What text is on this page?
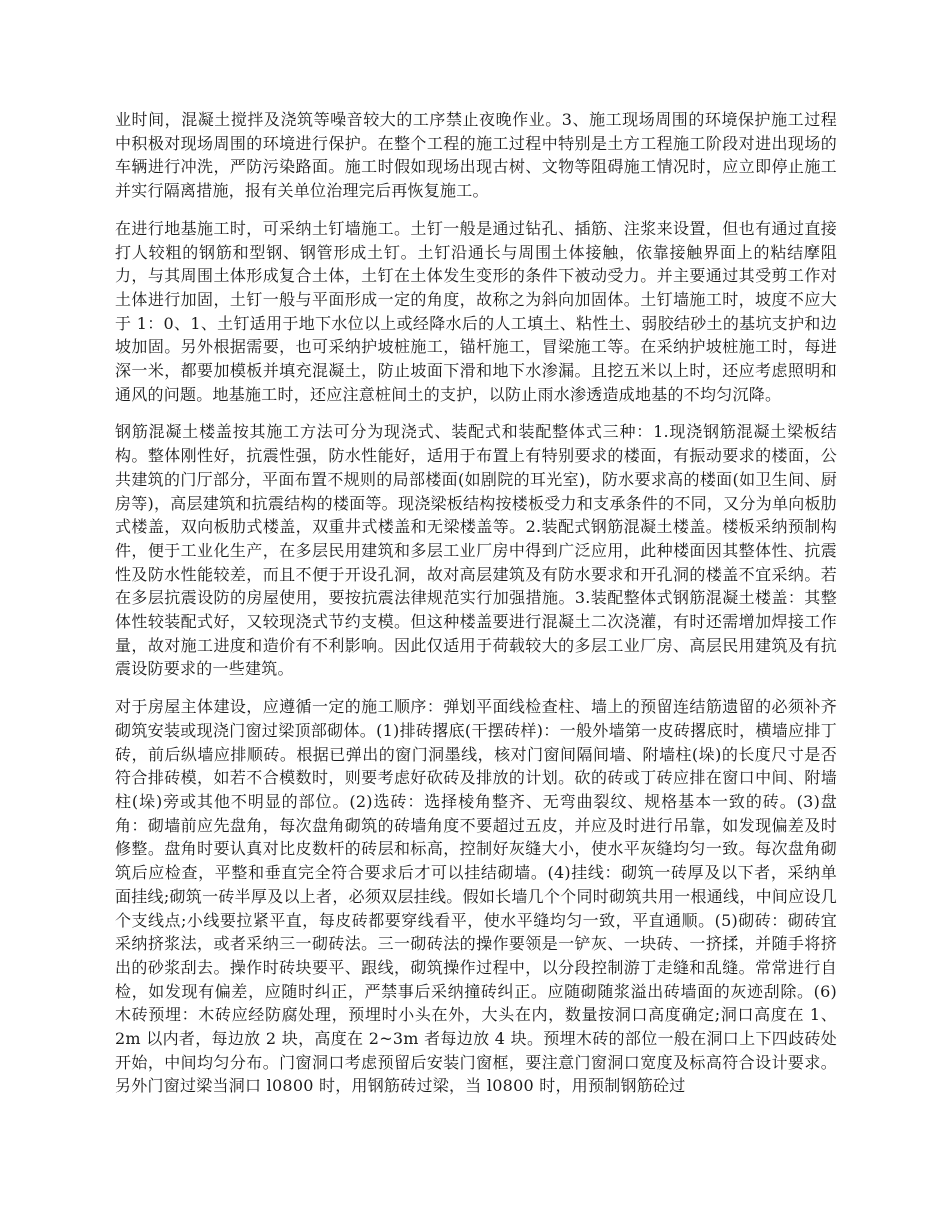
业时间，混凝土搅拌及浇筑等噪音较大的工序禁止夜晚作业。3、施工现场周围的环境保护施工过程中积极对现场周围的环境进行保护。在整个工程的施工过程中特别是土方工程施工阶段对进出现场的车辆进行冲洗，严防污染路面。施工时假如现场出现古树、文物等阻碍施工情况时，应立即停止施工并实行隔离措施，报有关单位治理完后再恢复施工。

在进行地基施工时，可采纳土钉墙施工。土钉一般是通过钻孔、插筋、注浆来设置，但也有通过直接打人较粗的钢筋和型钢、钢管形成土钉。土钉沿通长与周围土体接触，依靠接触界面上的粘结摩阻力，与其周围土体形成复合土体，土钉在土体发生变形的条件下被动受力。并主要通过其受剪工作对土体进行加固，土钉一般与平面形成一定的角度，故称之为斜向加固体。土钉墙施工时，坡度不应大于 1：0、1、土钉适用于地下水位以上或经降水后的人工填土、粘性土、弱胶结砂土的基坑支护和边坡加固。另外根据需要，也可采纳护坡桩施工，锚杆施工，冒梁施工等。在采纳护坡桩施工时，每进深一米，都要加模板并填充混凝土，防止坡面下滑和地下水渗漏。且挖五米以上时，还应考虑照明和通风的问题。地基施工时，还应注意桩间土的支护，以防止雨水渗透造成地基的不均匀沉降。

钢筋混凝土楼盖按其施工方法可分为现浇式、装配式和装配整体式三种：1.现浇钢筋混凝土梁板结构。整体刚性好，抗震性强，防水性能好，适用于布置上有特别要求的楼面，有振动要求的楼面，公共建筑的门厅部分，平面布置不规则的局部楼面(如剧院的耳光室)，防水要求高的楼面(如卫生间、厨房等)，高层建筑和抗震结构的楼面等。现浇梁板结构按楼板受力和支承条件的不同，又分为单向板肋式楼盖，双向板肋式楼盖，双重井式楼盖和无梁楼盖等。2.装配式钢筋混凝土楼盖。楼板采纳预制构件，便于工业化生产，在多层民用建筑和多层工业厂房中得到广泛应用，此种楼面因其整体性、抗震性及防水性能较差，而且不便于开设孔洞，故对高层建筑及有防水要求和开孔洞的楼盖不宜采纳。若在多层抗震设防的房屋使用，要按抗震法律规范实行加强措施。3.装配整体式钢筋混凝土楼盖：其整体性较装配式好，又较现浇式节约支模。但这种楼盖要进行混凝土二次浇灌，有时还需增加焊接工作量，故对施工进度和造价有不利影响。因此仅适用于荷载较大的多层工业厂房、高层民用建筑及有抗震设防要求的一些建筑。

对于房屋主体建设，应遵循一定的施工顺序：弹划平面线检查柱、墙上的预留连结筋遗留的必须补齐砌筑安装或现浇门窗过梁顶部砌体。(1)排砖撂底(干摆砖样)：一般外墙第一皮砖撂底时，横墙应排丁砖，前后纵墙应排顺砖。根据已弹出的窗门洞墨线，核对门窗间隔间墙、附墙柱(垛)的长度尺寸是否符合排砖模，如若不合模数时，则要考虑好砍砖及排放的计划。砍的砖或丁砖应排在窗口中间、附墙柱(垛)旁或其他不明显的部位。(2)选砖：选择棱角整齐、无弯曲裂纹、规格基本一致的砖。(3)盘角：砌墙前应先盘角，每次盘角砌筑的砖墙角度不要超过五皮，并应及时进行吊靠，如发现偏差及时修整。盘角时要认真对比皮数杆的砖层和标高，控制好灰缝大小，使水平灰缝均匀一致。每次盘角砌筑后应检查，平整和垂直完全符合要求后才可以挂结砌墙。(4)挂线：砌筑一砖厚及以下者，采纳单面挂线;砌筑一砖半厚及以上者，必须双层挂线。假如长墙几个个同时砌筑共用一根通线，中间应设几个支线点;小线要拉紧平直，每皮砖都要穿线看平，使水平缝均匀一致，平直通顺。(5)砌砖：砌砖宜采纳挤浆法，或者采纳三一砌砖法。三一砌砖法的操作要领是一铲灰、一块砖、一挤揉，并随手将挤出的砂浆刮去。操作时砖块要平、跟线，砌筑操作过程中，以分段控制游丁走缝和乱缝。常常进行自检，如发现有偏差，应随时纠正，严禁事后采纳撞砖纠正。应随砌随浆溢出砖墙面的灰迹刮除。(6)木砖预埋：木砖应经防腐处理，预埋时小头在外，大头在内，数量按洞口高度确定;洞口高度在 1、2m 以内者，每边放 2 块，高度在 2~3m 者每边放 4 块。预埋木砖的部位一般在洞口上下四歧砖处开始，中间均匀分布。门窗洞口考虑预留后安装门窗框，要注意门窗洞口宽度及标高符合设计要求。另外门窗过梁当洞口 l0800 时，用钢筋砖过梁，当 l0800 时，用预制钢筋砼过
